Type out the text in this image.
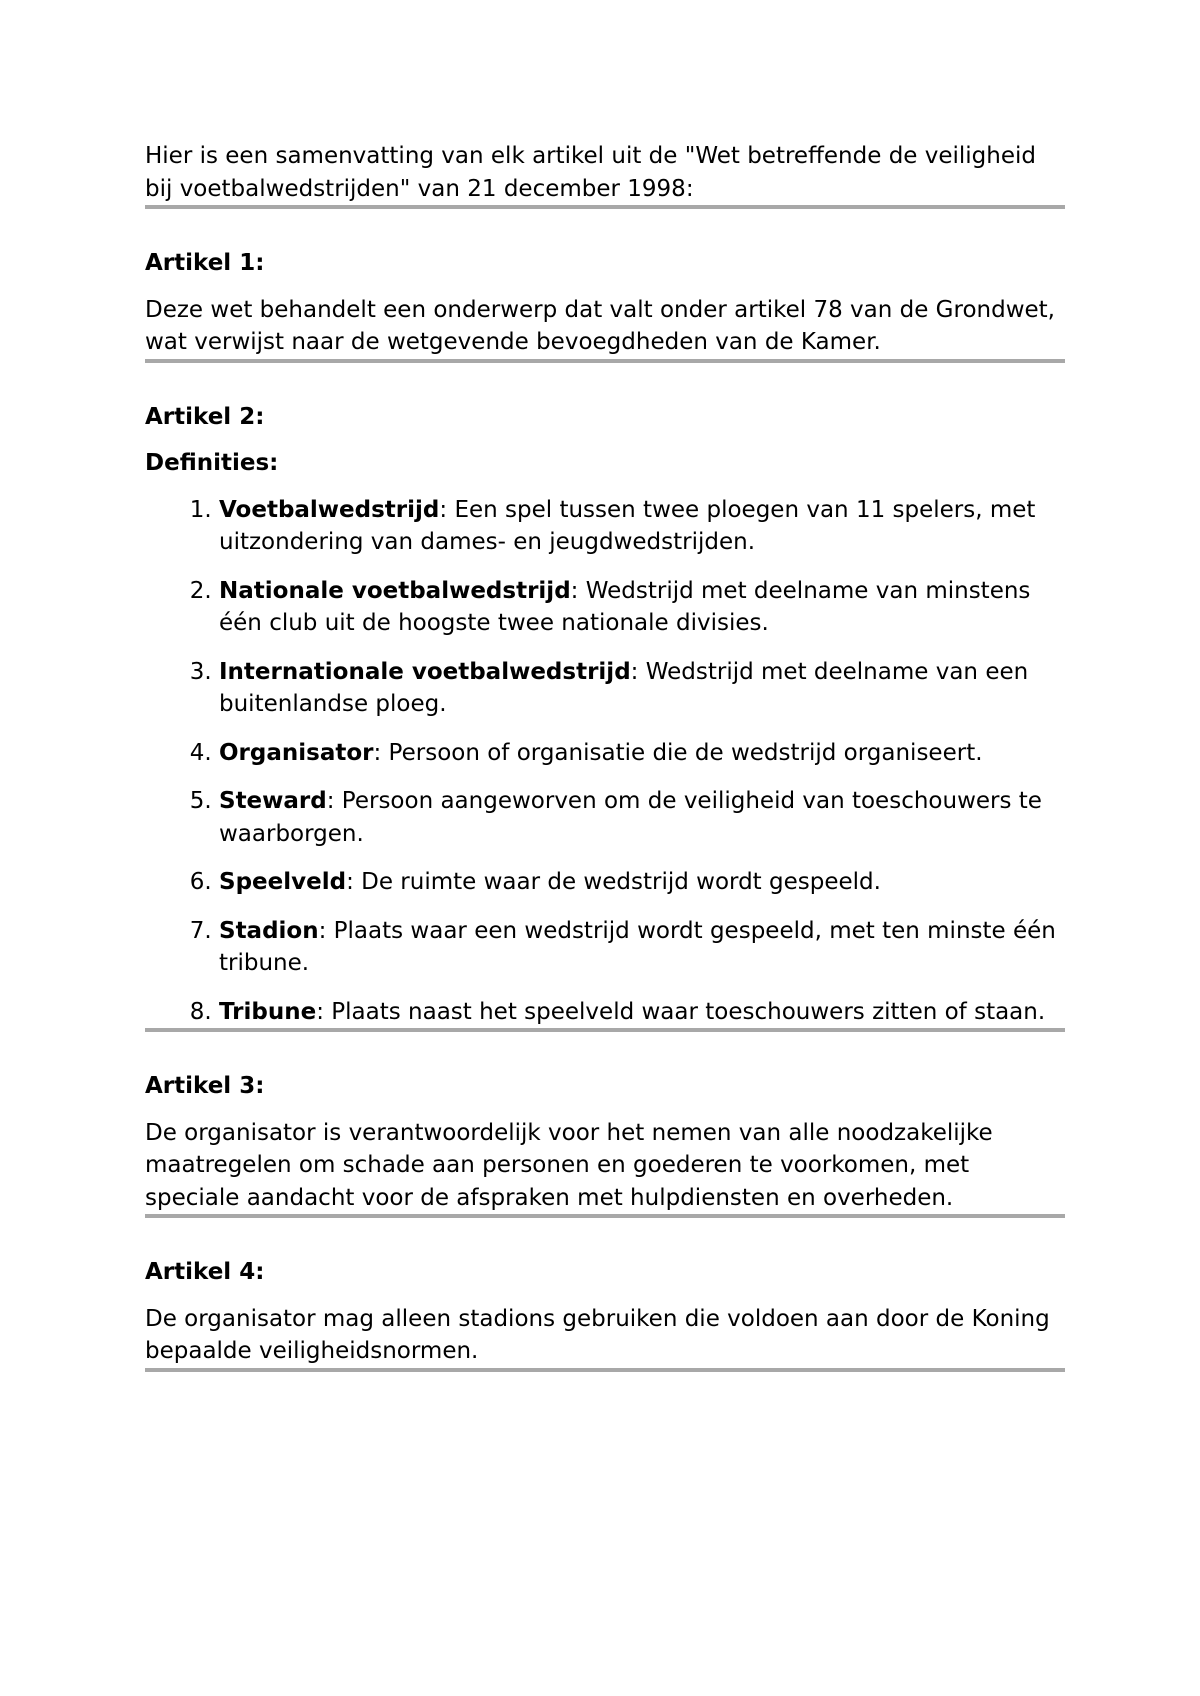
Hier is een samenvatting van elk artikel uit de "Wet betreffende de veiligheid bij voetbalwedstrijden" van 21 december 1998:

Artikel 1:

Deze wet behandelt een onderwerp dat valt onder artikel 78 van de Grondwet, wat verwijst naar de wetgevende bevoegdheden van de Kamer.

Artikel 2:

Definities:

1. Voetbalwedstrijd: Een spel tussen twee ploegen van 11 spelers, met uitzondering van dames- en jeugdwedstrijden.
2. Nationale voetbalwedstrijd: Wedstrijd met deelname van minstens één club uit de hoogste twee nationale divisies.
3. Internationale voetbalwedstrijd: Wedstrijd met deelname van een buitenlandse ploeg.
4. Organisator: Persoon of organisatie die de wedstrijd organiseert.
5. Steward: Persoon aangeworven om de veiligheid van toeschouwers te waarborgen.
6. Speelveld: De ruimte waar de wedstrijd wordt gespeeld.
7. Stadion: Plaats waar een wedstrijd wordt gespeeld, met ten minste één tribune.
8. Tribune: Plaats naast het speelveld waar toeschouwers zitten of staan.

Artikel 3:

De organisator is verantwoordelijk voor het nemen van alle noodzakelijke maatregelen om schade aan personen en goederen te voorkomen, met speciale aandacht voor de afspraken met hulpdiensten en overheden.

Artikel 4:

De organisator mag alleen stadions gebruiken die voldoen aan door de Koning bepaalde veiligheidsnormen.
